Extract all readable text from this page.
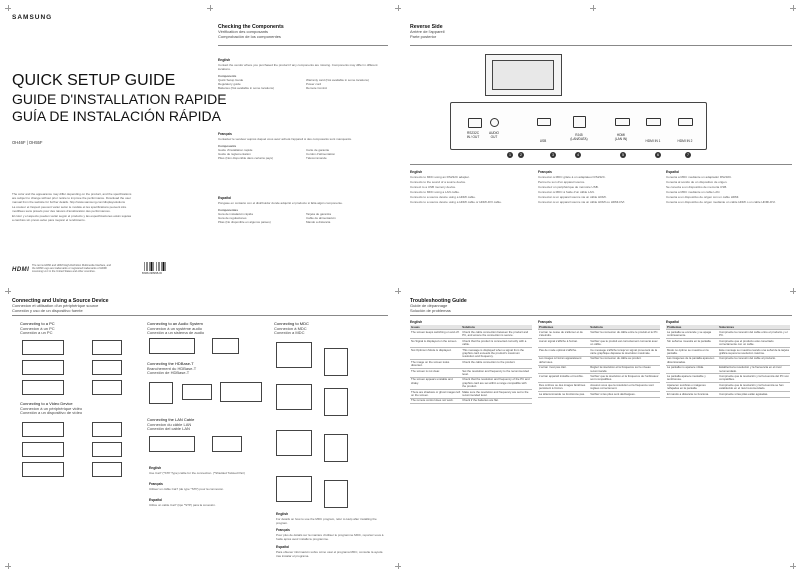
SAMSUNG
QUICK SETUP GUIDE
GUIDE D'INSTALLATION RAPIDE
GUÍA DE INSTALACIÓN RÁPIDA
OH46F | OH55F

The color and the appearance may differ depending on the product, and the specifications are subject to change without prior notice to improve the performance. Download the user manual from the website for further details. http://www.samsung.com/displaysolutions

La couleur et l'aspect peuvent varier selon le modèle et les spécifications peuvent être modifiées sans préavis pour des raisons d'amélioration des performances.

El color y el aspecto pueden variar según el producto y las especificaciones están sujetas a cambios sin previo aviso para mejorar el rendimiento.

HDMI
The terms HDMI and HDMI High-Definition Multimedia Interface, and the HDMI Logo are trademarks or registered trademarks of HDMI Licensing LLC in the United States and other countries.
BN68-09896B-00

Checking the Components

Vérification des composants

Comprobación de los componentes

English
Contact the vendor where you purchased the product if any components are missing. Components may differ in different locations.
Components
Quick Setup Guide	Warranty card (Not available in some locations)
Regulatory guide	Power cord
Batteries (Not available in some locations)	Remote Control
Français
Contactez le vendeur auprès duquel vous avez acheté l'appareil si des composants sont manquants.
Composants
Guide d'installation rapide	Carte de garantie
Guide de réglementation	Cordon d'alimentation
Piles (Non disponible dans certains pays)	Télécommande
Español
Póngase en contacto con el distribuidor donde adquirió el producto si falta algún componente.
Componentes
Guía de instalación rápida	Tarjeta de garantía
Guía de regulaciones	Cable de alimentación
Pilas (No disponible en algunos países)	Mando a distancia

Reverse Side

Arrière de l'appareil

Parte posterior

RS232C
IN / OUT
AUDIO
OUT
USB
RJ45
(LAN/DATA)
HDMI
(LAN IN)
HDMI IN 1	HDMI IN 2
1	2	3	4	5	6	7
English

Connects to MDC using an RS232C adapter.

Connects to the sound of a source device.

Connect to a USB memory device.

Connects to MDC using a LAN cable.

Connects to a source device using a HDMI cable.

Connects to a source device using a HDMI cable or HDMI-DVI cable.

Français

Connexion à MDC grâce à un adaptateur RS232C.

Permet le son d'un appareil source.

Connectez un périphérique de mémoire USB.

Connexion à MDC à l'aide d'un câble LAN.

Connexion à un appareil source via un câble HDMI.

Connexion à un appareil source via un câble HDMI ou HDMI-DVI.

Español

Conecta a MDC mediante un adaptador RS232C.

Conecta al sonido de un dispositivo de origen.

Se conecta a un dispositivo de memoria USB.

Conecta a MDC mediante un cable LAN.

Conecta a un dispositivo de origen con un cable HDMI.

Conecta a un dispositivo de origen mediante un cable HDMI o un cable HDMI-DVI.

Connecting and Using a Source Device

Connexion et utilisation d'un périphérique source

Conexión y uso de un dispositivo fuente

Connecting to a PC
Connexion à un PC
Conexión a un PC
Connecting to a Video Device
Connexion à un périphérique vidéo
Conexión a un dispositivo de vídeo
Connecting to an Audio System
Connexion à un système audio
Conexión a un sistema de audio
Connecting the HDBase-T
Branchement du HDBase-T
Conexión de HDBase-T
Connecting the LAN Cable
Connexion du câble LAN
Conexión del cable LAN
English
Use Cat7 (*STP Type) cable for the connection. (*Shielded Twisted Pair)
Français
Utilisez un câble Cat7 (de type *STP) pour la connexion.
Español
Utilice un cable Cat7 (tipo *STP) para la conexión.
Connecting to MDC
Connexion à MDC
Conexión a MDC
English
For details on how to use the MDC program, refer to Help after installing the program.
Français
Pour plus de détails sur la manière d'utiliser le programme MDC, reportez-vous à l'aide après avoir installé le programme.
Español
Para obtener información sobre cómo usar el programa MDC, consulte la ayuda tras instalar el programa.

Troubleshooting Guide

Guide de dépannage

Solución de problemas

English
Issues	Solutions
The screen keeps switching on and off.	Check the cable connection between the product and PC, and ensure the connection is secure.
No Signal is displayed on the screen.	Check that the product is connected correctly with a cable.
Not Optimum Mode is displayed.	This message is displayed when a signal from the graphics card exceeds the product's maximum resolution and frequency.
The image on the screen looks distorted.	Check the cable connection to the product.
The screen is not clear.	Set the resolution and frequency to the recommended level.
The screen appears unstable and shaky.	Check that the resolution and frequency of the PC and graphics card are set within a range compatible with the product.
There are shadows or ghost images left on the screen.	Make sure the resolution and frequency are set to the recommended level.
The remote control does not work.	Check if the batteries are flat.
Français
Problèmes	Solutions
L'écran ne cesse de s'allumer et de s'éteindre.	Vérifiez la connexion du câble entre le produit et le PC.
Aucun signal s'affiche à l'écran.	Vérifiez que le produit est correctement connecté avec un câble.
Pas de mode optimal s'affiche.	Ce message s'affiche lorsqu'un signal provenant de la carte graphique dépasse la résolution maximale.
Les images à l'écran apparaissent déformées.	Vérifiez la connexion du câble au produit.
L'écran n'est pas clair.	Réglez la résolution et la fréquence sur le niveau recommandé.
L'écran apparaît instable et tremble.	Vérifiez que la résolution et la fréquence de l'ordinateur sont compatibles.
Des ombres ou des images fantômes persistent à l'écran.	Assurez-vous que la résolution et la fréquence sont réglées correctement.
La télécommande ne fonctionne pas.	Vérifiez si les piles sont déchargées.
Español
Problemas	Soluciones
La pantalla se enciende y se apaga continuamente.	Compruebe la conexión del cable entre el producto y el PC.
Sin señal se muestra en la pantalla.	Compruebe que el producto esté conectado correctamente con un cable.
Modo no óptimo se muestra en la pantalla.	Este mensaje se muestra cuando una señal de la tarjeta gráfica supera la resolución máxima.
Las imágenes de la pantalla aparecen distorsionadas.	Compruebe la conexión del cable al producto.
La pantalla no aparece nítida.	Establezca la resolución y la frecuencia en el nivel recomendado.
La pantalla aparece inestable y temblorosa.	Compruebe que la resolución y la frecuencia del PC son compatibles.
Aparecen sombras o imágenes reflejadas en la pantalla.	Compruebe que la resolución y la frecuencia se han establecido en el nivel recomendado.
El mando a distancia no funciona.	Compruebe si las pilas están agotadas.
